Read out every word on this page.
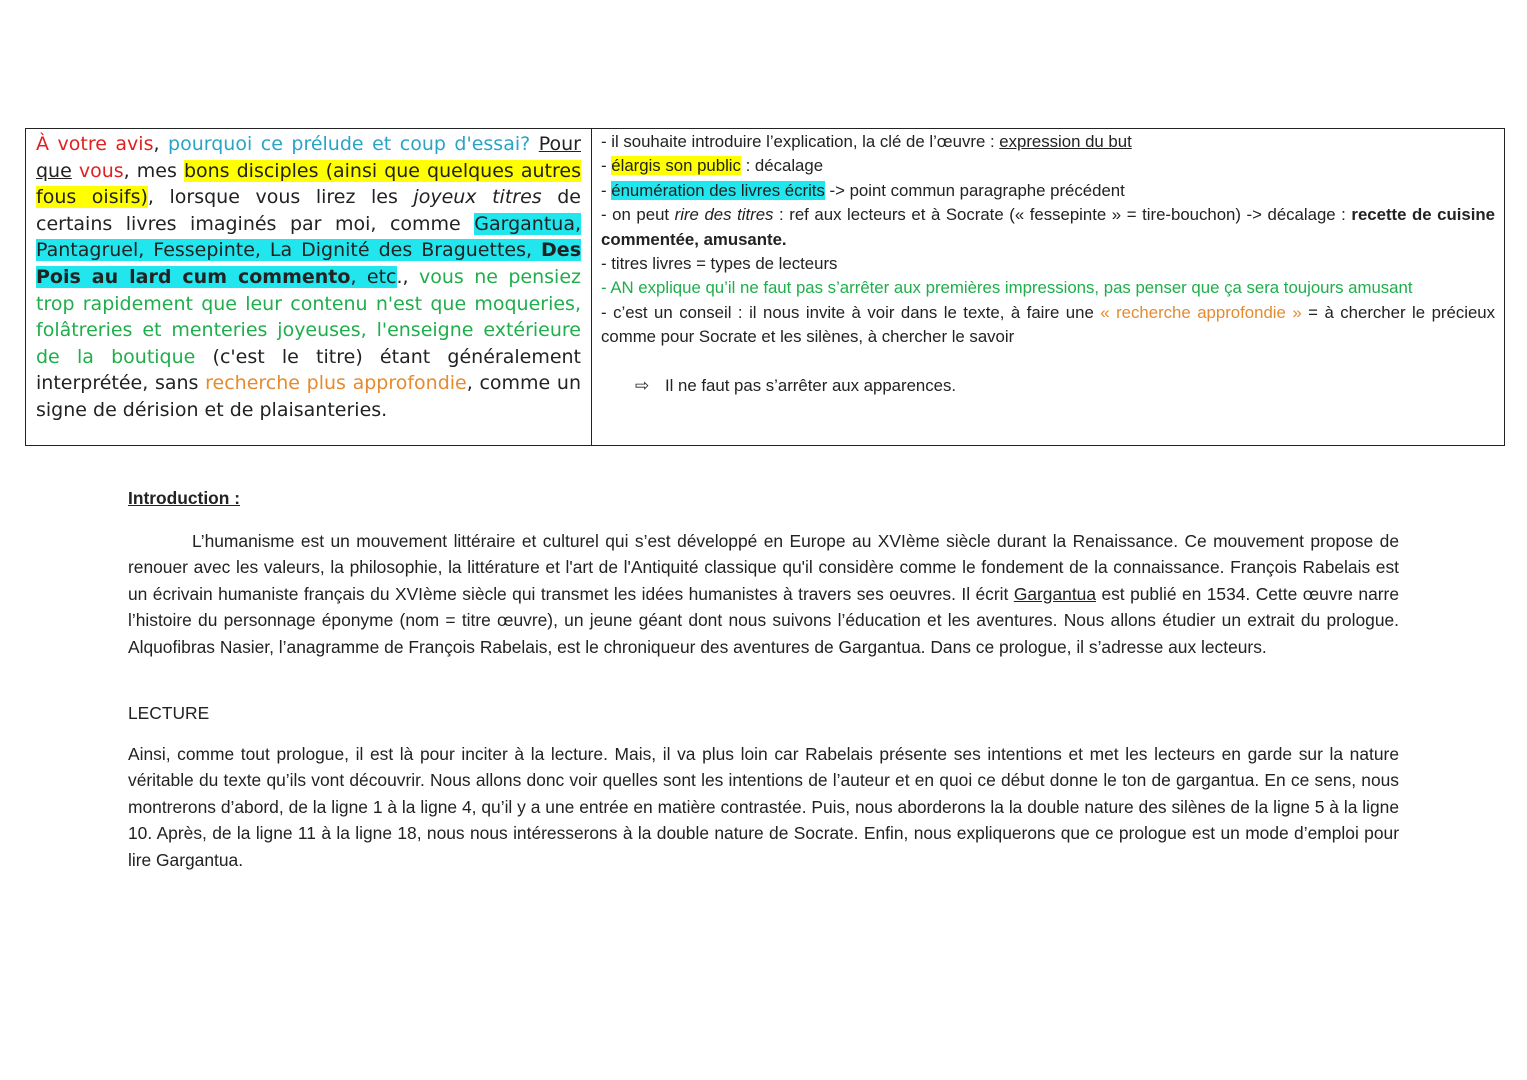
À votre avis, pourquoi ce prélude et coup d'essai? Pour que vous, mes bons disciples (ainsi que quelques autres fous oisifs), lorsque vous lirez les joyeux titres de certains livres imaginés par moi, comme Gargantua, Pantagruel, Fessepinte, La Dignité des Braguettes, Des Pois au lard cum commento, etc., vous ne pensiez trop rapidement que leur contenu n'est que moqueries, folâtreries et menteries joyeuses, l'enseigne extérieure de la boutique (c'est le titre) étant généralement interprétée, sans recherche plus approfondie, comme un signe de dérision et de plaisanteries.
- il souhaite introduire l’explication, la clé de l’œuvre : expression du but
- élargis son public : décalage
- énumération des livres écrits -> point commun paragraphe précédent
- on peut rire des titres : ref aux lecteurs et à Socrate (« fessepinte » = tire-bouchon) -> décalage : recette de cuisine commentée, amusante.
- titres livres = types de lecteurs
- AN explique qu’il ne faut pas s’arrêter aux premières impressions, pas penser que ça sera toujours amusant
- c’est un conseil : il nous invite à voir dans le texte, à faire une « recherche approfondie » = à chercher le précieux comme pour Socrate et les silènes, à chercher le savoir
⇨ Il ne faut pas s’arrêter aux apparences.
Introduction :
L’humanisme est un mouvement littéraire et culturel qui s’est développé en Europe au XVIème siècle durant la Renaissance. Ce mouvement propose de renouer avec les valeurs, la philosophie, la littérature et l'art de l'Antiquité classique qu'il considère comme le fondement de la connaissance. François Rabelais est un écrivain humaniste français du XVIème siècle qui transmet les idées humanistes à travers ses oeuvres. Il écrit Gargantua est publié en 1534. Cette œuvre narre l’histoire du personnage éponyme (nom = titre œuvre), un jeune géant dont nous suivons l’éducation et les aventures. Nous allons étudier un extrait du prologue. Alquofibras Nasier, l’anagramme de François Rabelais, est le chroniqueur des aventures de Gargantua. Dans ce prologue, il s’adresse aux lecteurs.
LECTURE
Ainsi, comme tout prologue, il est là pour inciter à la lecture. Mais, il va plus loin car Rabelais présente ses intentions et met les lecteurs en garde sur la nature véritable du texte qu’ils vont découvrir. Nous allons donc voir quelles sont les intentions de l’auteur et en quoi ce début donne le ton de gargantua. En ce sens, nous montrerons d’abord, de la ligne 1 à la ligne 4, qu’il y a une entrée en matière contrastée. Puis, nous aborderons la la double nature des silènes de la ligne 5 à la ligne 10. Après, de la ligne 11 à la ligne 18, nous nous intéresserons à la double nature de Socrate. Enfin, nous expliquerons que ce prologue est un mode d’emploi pour lire Gargantua.
